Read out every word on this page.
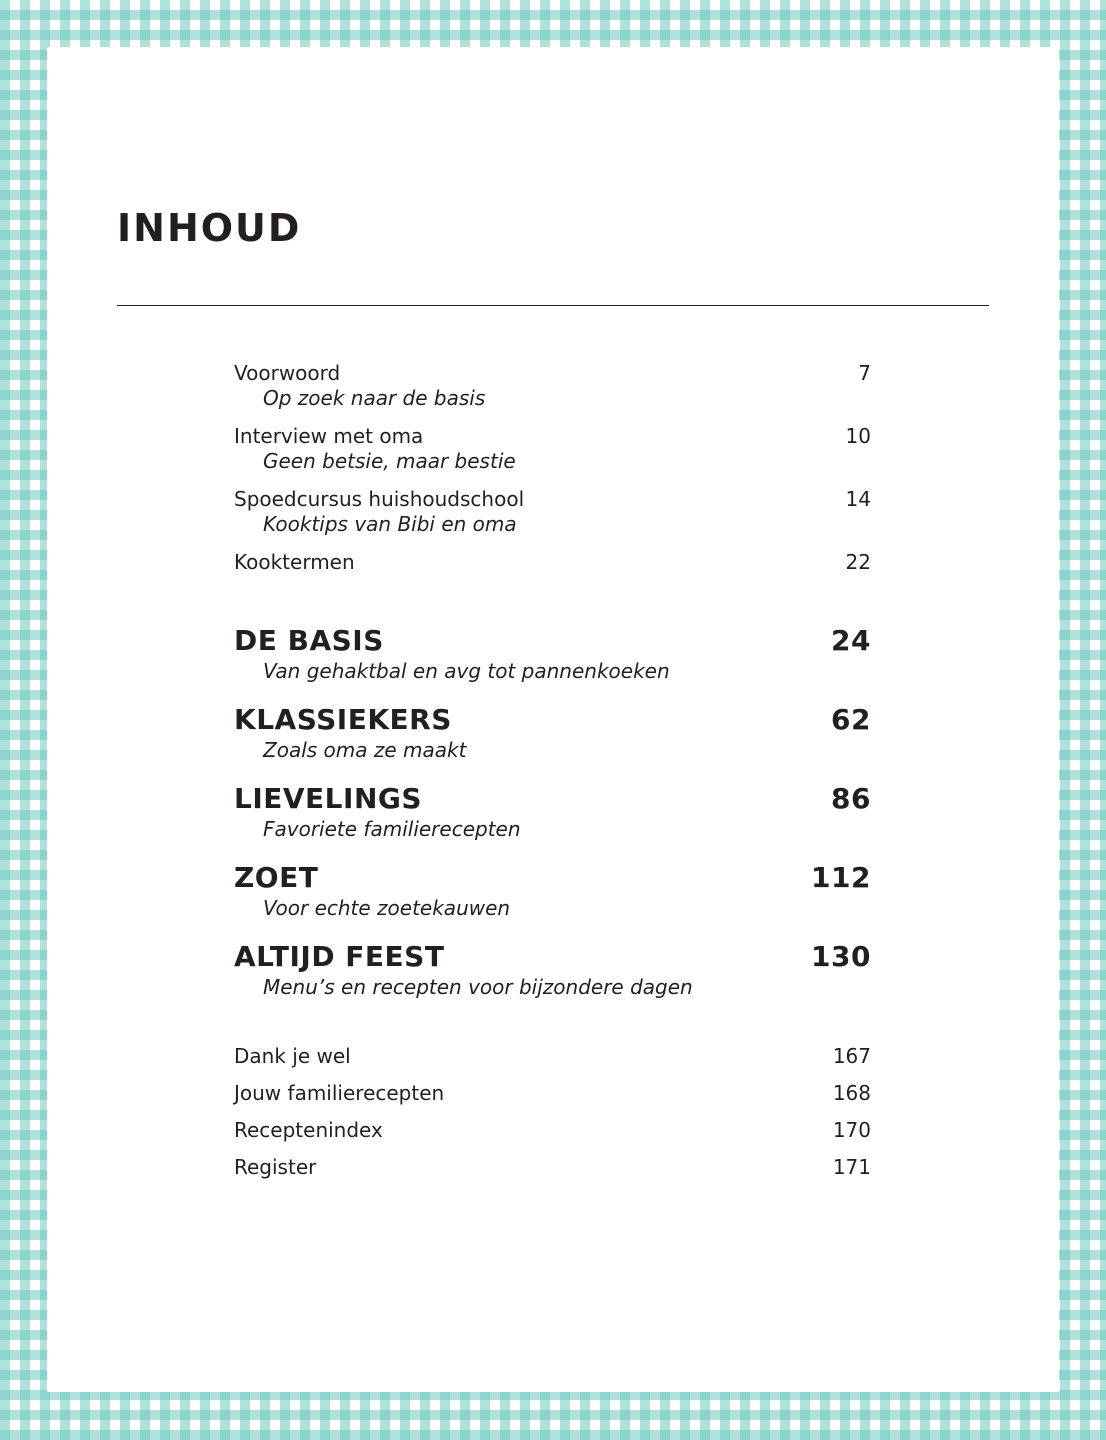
INHOUD
Voorwoord	7
Op zoek naar de basis
Interview met oma	10
Geen betsie, maar bestie
Spoedcursus huishoudschool	14
Kooktips van Bibi en oma
Kooktermen	22
DE BASIS	24
Van gehaktbal en avg tot pannenkoeken
KLASSIEKERS	62
Zoals oma ze maakt
LIEVELINGS	86
Favoriete familierecepten
ZOET	112
Voor echte zoetekauwen
ALTIJD FEEST	130
Menu’s en recepten voor bijzondere dagen
Dank je wel	167
Jouw familierecepten	168
Receptenindex	170
Register	171
